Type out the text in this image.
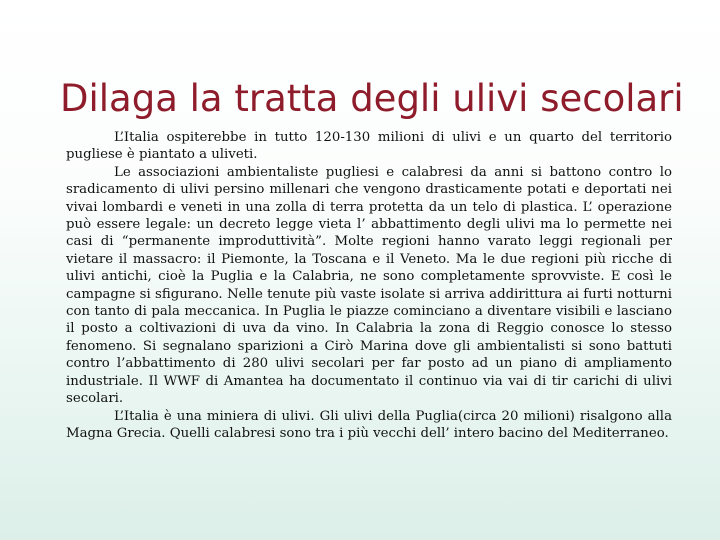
Dilaga la tratta degli ulivi secolari

L’Italia ospiterebbe in tutto 120-130 milioni di ulivi e un quarto del territorio pugliese è piantato a uliveti.

Le associazioni ambientaliste pugliesi e calabresi da anni si battono contro lo sradicamento di ulivi persino millenari che vengono drasticamente potati e deportati nei vivai lombardi e veneti in una zolla di terra protetta da un telo di plastica. L’ operazione può essere legale: un decreto legge vieta l’ abbattimento degli ulivi ma lo permette nei casi di “permanente improduttività”. Molte regioni hanno varato leggi regionali per vietare il massacro: il Piemonte, la Toscana e il Veneto. Ma le due regioni più ricche di ulivi antichi, cioè la Puglia e la Calabria, ne sono completamente sprovviste. E così le campagne si sfigurano. Nelle tenute più vaste isolate si arriva addirittura ai furti notturni con tanto di pala meccanica. In Puglia le piazze cominciano a diventare visibili e lasciano il posto a coltivazioni di uva da vino. In Calabria la zona di Reggio conosce lo stesso fenomeno. Si segnalano sparizioni a Cirò Marina dove gli ambientalisti si sono battuti contro l’abbattimento di 280 ulivi secolari per far posto ad un piano di ampliamento industriale. Il WWF di Amantea ha documentato il continuo via vai di tir carichi di ulivi secolari.

L’Italia è una miniera di ulivi. Gli ulivi della Puglia(circa 20 milioni) risalgono alla Magna Grecia. Quelli calabresi sono tra i più vecchi dell’ intero bacino del Mediterraneo.
